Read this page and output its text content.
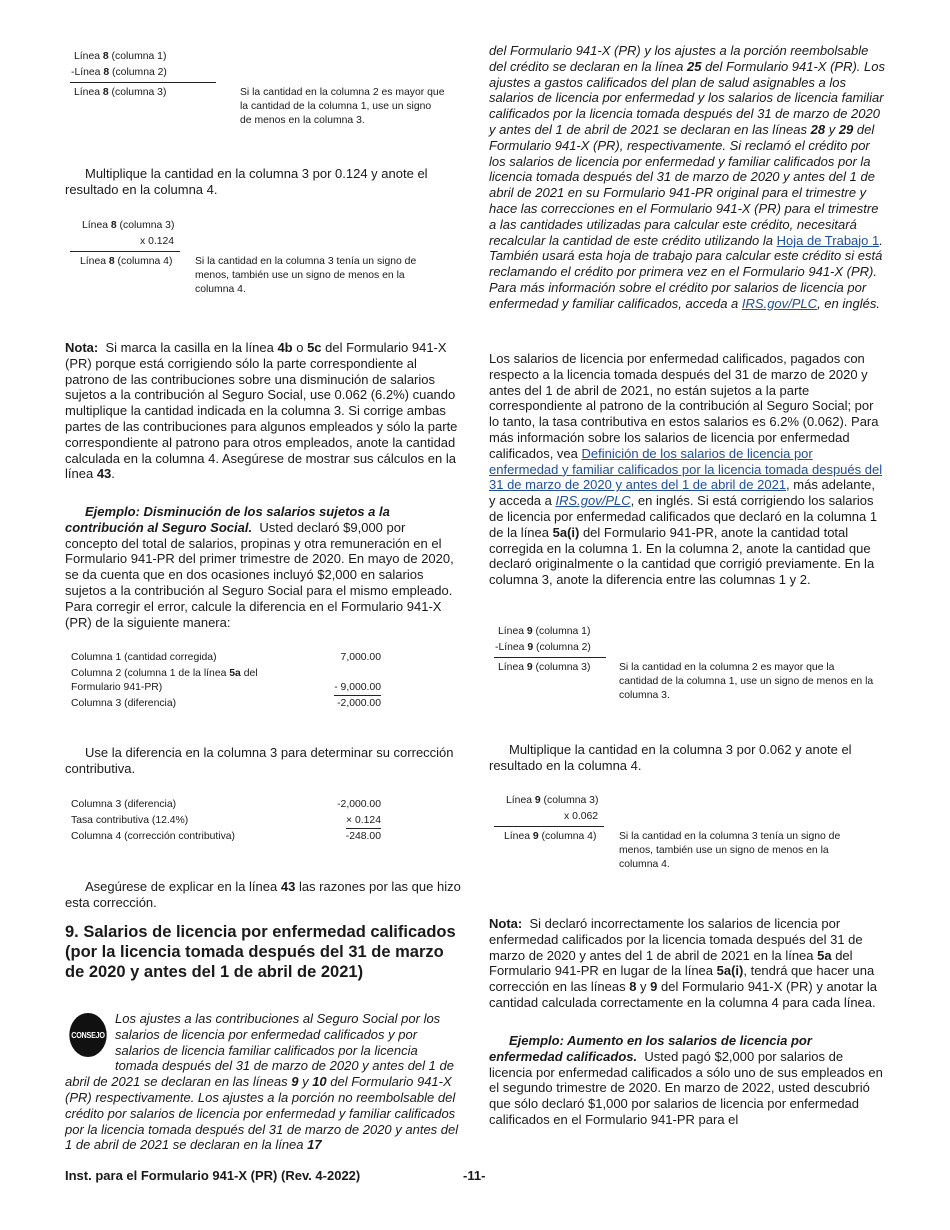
Línea 8 (columna 1)
-Línea 8 (columna 2)
Línea 8 (columna 3)	Si la cantidad en la columna 2 es mayor que la cantidad de la columna 1, use un signo de menos en la columna 3.

Multiplique la cantidad en la columna 3 por 0.124 y anote el resultado en la columna 4.

Línea 8 (columna 3)
x 0.124
Línea 8 (columna 4) Si la cantidad en la columna 3 tenía un signo de menos, también use un signo de menos en la columna 4.

Nota: Si marca la casilla en la línea 4b o 5c del Formulario 941-X (PR) porque está corrigiendo sólo la parte correspondiente al patrono de las contribuciones sobre una disminución de salarios sujetos a la contribución al Seguro Social, use 0.062 (6.2%) cuando multiplique la cantidad indicada en la columna 3. Si corrige ambas partes de las contribuciones para algunos empleados y sólo la parte correspondiente al patrono para otros empleados, anote la cantidad calculada en la columna 4. Asegúrese de mostrar sus cálculos en la línea 43.

Ejemplo: Disminución de los salarios sujetos a la contribución al Seguro Social. Usted declaró $9,000 por concepto del total de salarios, propinas y otra remuneración en el Formulario 941-PR del primer trimestre de 2020. En mayo de 2020, se da cuenta que en dos ocasiones incluyó $2,000 en salarios sujetos a la contribución al Seguro Social para el mismo empleado. Para corregir el error, calcule la diferencia en el Formulario 941-X (PR) de la siguiente manera:

Columna 1 (cantidad corregida)	7,000.00
Columna 2 (columna 1 de la línea 5a del
Formulario 941-PR)	- 9,000.00
Columna 3 (diferencia)	-2,000.00

Use la diferencia en la columna 3 para determinar su corrección contributiva.

Columna 3 (diferencia)	-2,000.00
Tasa contributiva (12.4%)	× 0.124
Columna 4 (corrección contributiva)	-248.00

Asegúrese de explicar en la línea 43 las razones por las que hizo esta corrección.

9. Salarios de licencia por enfermedad calificados (por la licencia tomada después del 31 de marzo de 2020 y antes del 1 de abril de 2021)
CONSEJO
Los ajustes a las contribuciones al Seguro Social por los salarios de licencia por enfermedad calificados y por salarios de licencia familiar calificados por la licencia tomada después del 31 de marzo de 2020 y antes del 1 de abril de 2021 se declaran en las líneas 9 y 10 del Formulario 941-X (PR) respectivamente. Los ajustes a la porción no reembolsable del crédito por salarios de licencia por enfermedad y familiar calificados por la licencia tomada después del 31 de marzo de 2020 y antes del 1 de abril de 2021 se declaran en la línea 17

del Formulario 941-X (PR) y los ajustes a la porción reembolsable del crédito se declaran en la línea 25 del Formulario 941-X (PR). Los ajustes a gastos calificados del plan de salud asignables a los salarios de licencia por enfermedad y los salarios de licencia familiar calificados por la licencia tomada después del 31 de marzo de 2020 y antes del 1 de abril de 2021 se declaran en las líneas 28 y 29 del Formulario 941-X (PR), respectivamente. Si reclamó el crédito por los salarios de licencia por enfermedad y familiar calificados por la licencia tomada después del 31 de marzo de 2020 y antes del 1 de abril de 2021 en su Formulario 941-PR original para el trimestre y hace las correcciones en el Formulario 941-X (PR) para el trimestre a las cantidades utilizadas para calcular este crédito, necesitará recalcular la cantidad de este crédito utilizando la Hoja de Trabajo 1. También usará esta hoja de trabajo para calcular este crédito si está reclamando el crédito por primera vez en el Formulario 941-X (PR). Para más información sobre el crédito por salarios de licencia por enfermedad y familiar calificados, acceda a IRS.gov/PLC, en inglés.

Los salarios de licencia por enfermedad calificados, pagados con respecto a la licencia tomada después del 31 de marzo de 2020 y antes del 1 de abril de 2021, no están sujetos a la parte correspondiente al patrono de la contribución al Seguro Social; por lo tanto, la tasa contributiva en estos salarios es 6.2% (0.062). Para más información sobre los salarios de licencia por enfermedad calificados, vea Definición de los salarios de licencia por enfermedad y familiar calificados por la licencia tomada después del 31 de marzo de 2020 y antes del 1 de abril de 2021, más adelante, y acceda a IRS.gov/PLC, en inglés. Si está corrigiendo los salarios de licencia por enfermedad calificados que declaró en la columna 1 de la línea 5a(i) del Formulario 941-PR, anote la cantidad total corregida en la columna 1. En la columna 2, anote la cantidad que declaró originalmente o la cantidad que corrigió previamente. En la columna 3, anote la diferencia entre las columnas 1 y 2.

Línea 9 (columna 1)
-Línea 9 (columna 2)
Línea 9 (columna 3)	Si la cantidad en la columna 2 es mayor que la cantidad de la columna 1, use un signo de menos en la columna 3.

Multiplique la cantidad en la columna 3 por 0.062 y anote el resultado en la columna 4.

Línea 9 (columna 3)
x 0.062
Línea 9 (columna 4) Si la cantidad en la columna 3 tenía un signo de menos, también use un signo de menos en la columna 4.

Nota: Si declaró incorrectamente los salarios de licencia por enfermedad calificados por la licencia tomada después del 31 de marzo de 2020 y antes del 1 de abril de 2021 en la línea 5a del Formulario 941-PR en lugar de la línea 5a(i), tendrá que hacer una corrección en las líneas 8 y 9 del Formulario 941-X (PR) y anotar la cantidad calculada correctamente en la columna 4 para cada línea.

Ejemplo: Aumento en los salarios de licencia por enfermedad calificados. Usted pagó $2,000 por salarios de licencia por enfermedad calificados a sólo uno de sus empleados en el segundo trimestre de 2020. En marzo de 2022, usted descubrió que sólo declaró $1,000 por salarios de licencia por enfermedad calificados en el Formulario 941-PR para el

Inst. para el Formulario 941-X (PR) (Rev. 4-2022)	-11-
